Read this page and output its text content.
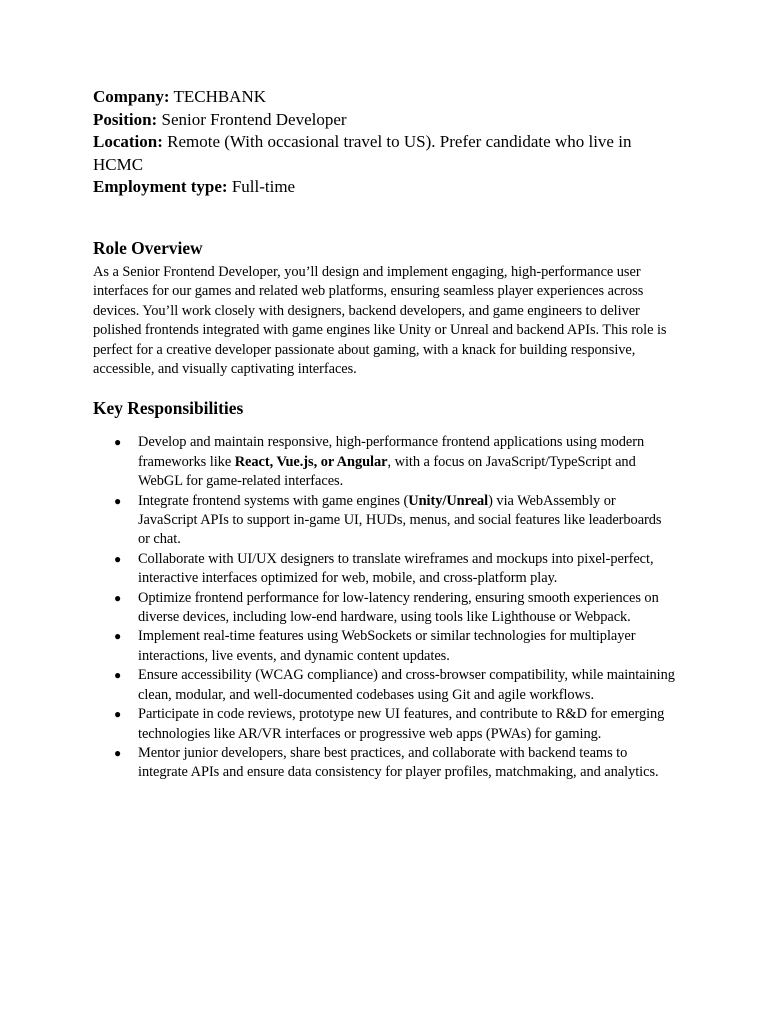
Company: TECHBANK

Position: Senior Frontend Developer

Location: Remote (With occasional travel to US). Prefer candidate who live in HCMC

Employment type: Full-time

Role Overview

As a Senior Frontend Developer, you’ll design and implement engaging, high-performance user interfaces for our games and related web platforms, ensuring seamless player experiences across devices. You’ll work closely with designers, backend developers, and game engineers to deliver polished frontends integrated with game engines like Unity or Unreal and backend APIs. This role is perfect for a creative developer passionate about gaming, with a knack for building responsive, accessible, and visually captivating interfaces.

Key Responsibilities
● Develop and maintain responsive, high-performance frontend applications using modern frameworks like React, Vue.js, or Angular, with a focus on JavaScript/TypeScript and WebGL for game-related interfaces.
● Integrate frontend systems with game engines (Unity/Unreal) via WebAssembly or JavaScript APIs to support in-game UI, HUDs, menus, and social features like leaderboards or chat.
● Collaborate with UI/UX designers to translate wireframes and mockups into pixel-perfect, interactive interfaces optimized for web, mobile, and cross-platform play.
● Optimize frontend performance for low-latency rendering, ensuring smooth experiences on diverse devices, including low-end hardware, using tools like Lighthouse or Webpack.
● Implement real-time features using WebSockets or similar technologies for multiplayer interactions, live events, and dynamic content updates.
● Ensure accessibility (WCAG compliance) and cross-browser compatibility, while maintaining clean, modular, and well-documented codebases using Git and agile workflows.
● Participate in code reviews, prototype new UI features, and contribute to R&D for emerging technologies like AR/VR interfaces or progressive web apps (PWAs) for gaming.
● Mentor junior developers, share best practices, and collaborate with backend teams to integrate APIs and ensure data consistency for player profiles, matchmaking, and analytics.
